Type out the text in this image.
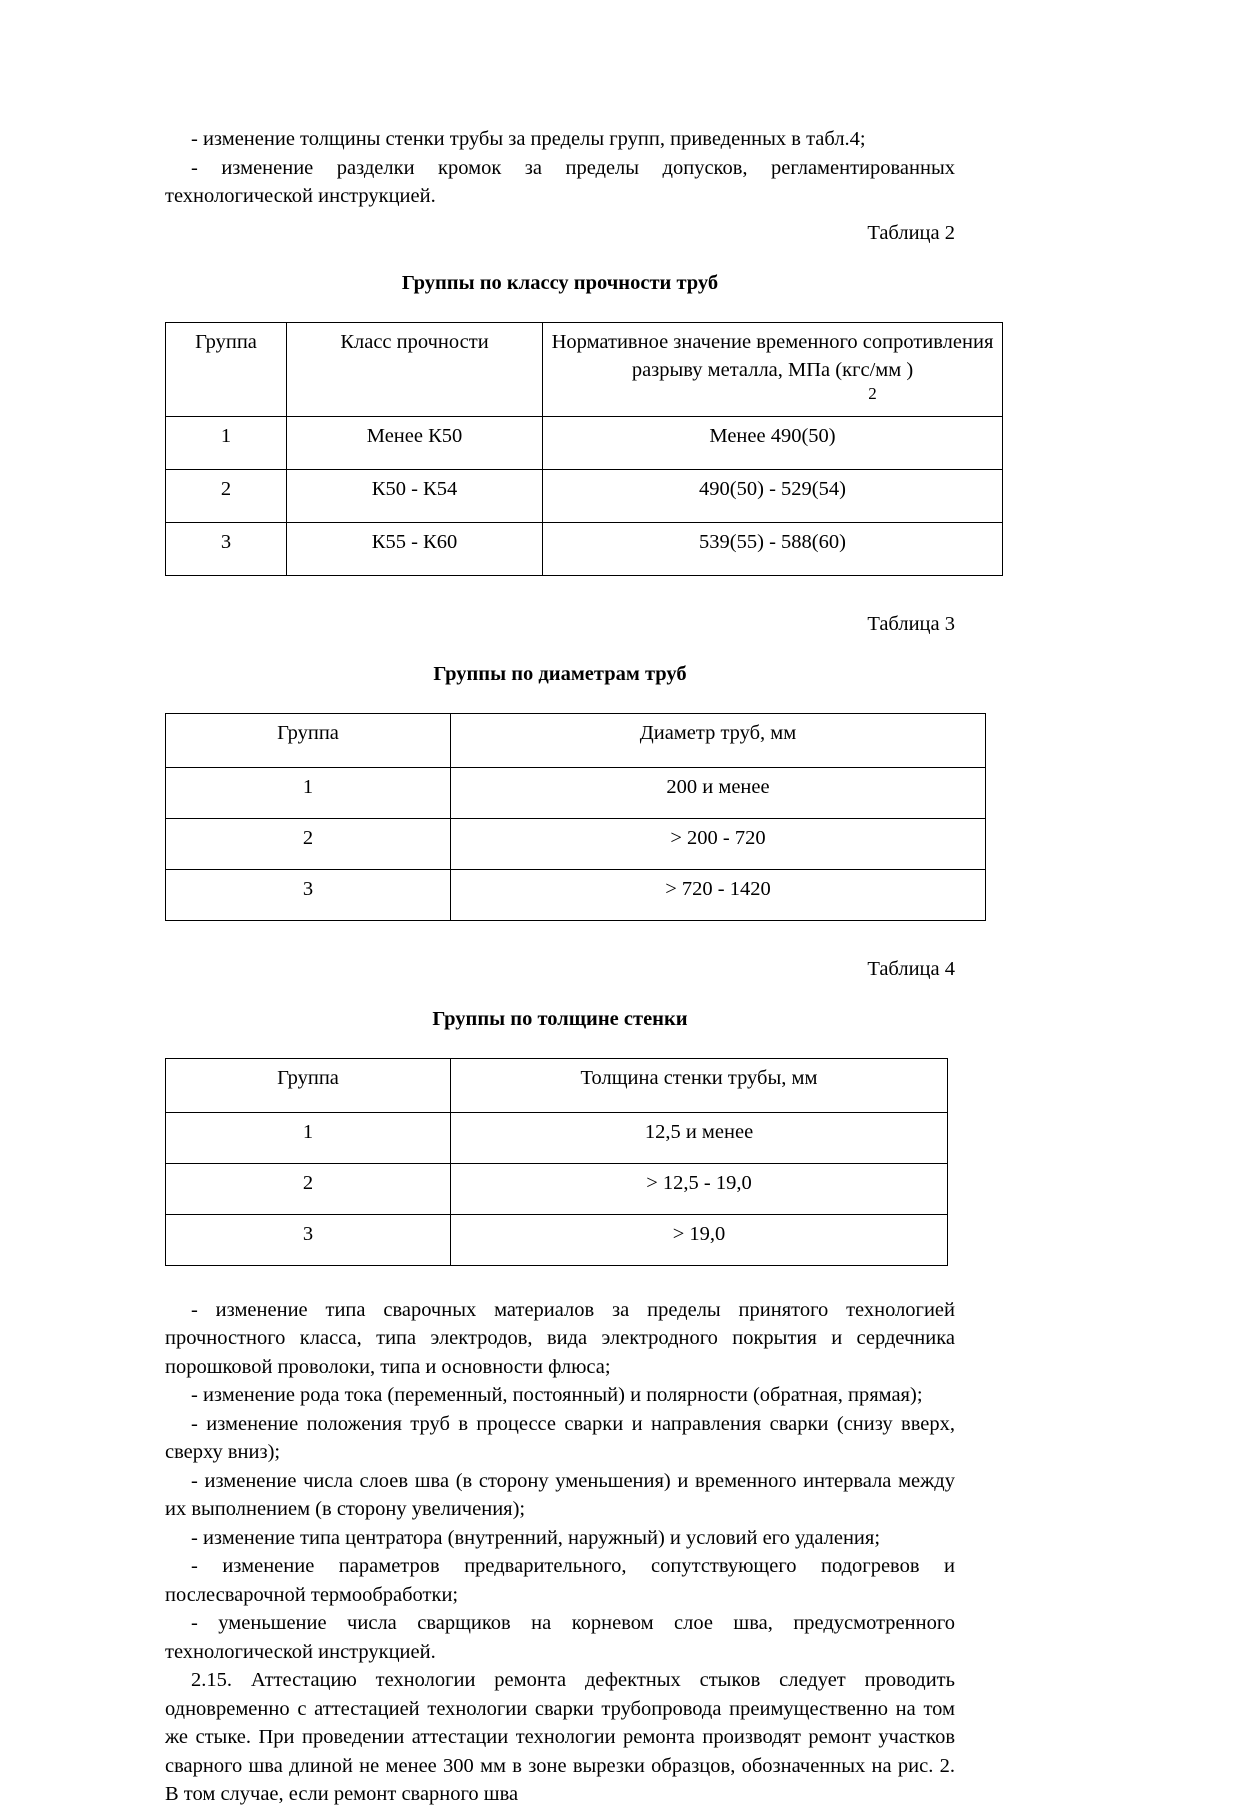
- изменение толщины стенки трубы за пределы групп, приведенных в табл.4;

- изменение разделки кромок за пределы допусков, регламентированных технологической инструкцией.

Таблица 2

Группы по классу прочности труб
Группа	Класс прочности	Нормативное значение временного сопротивления разрыву металла, МПа (кгс/мм )
2

1	Менее К50	Менее 490(50)
2	К50 - К54	490(50) - 529(54)
3	К55 - К60	539(55) - 588(60)

Таблица 3

Группы по диаметрам труб
Группа	Диаметр труб, мм
1	200 и менее
2	> 200 - 720
3	> 720 - 1420

Таблица 4

Группы по толщине стенки
Группа	Толщина стенки трубы, мм
1	12,5 и менее
2	> 12,5 - 19,0
3	> 19,0

- изменение типа сварочных материалов за пределы принятого технологией прочностного класса, типа электродов, вида электродного покрытия и сердечника порошковой проволоки, типа и основности флюса;

- изменение рода тока (переменный, постоянный) и полярности (обратная, прямая);

- изменение положения труб в процессе сварки и направления сварки (снизу вверх, сверху вниз);

- изменение числа слоев шва (в сторону уменьшения) и временного интервала между их выполнением (в сторону увеличения);

- изменение типа центратора (внутренний, наружный) и условий его удаления;

- изменение параметров предварительного, сопутствующего подогревов и послесварочной термообработки;

- уменьшение числа сварщиков на корневом слое шва, предусмотренного технологической инструкцией.

2.15. Аттестацию технологии ремонта дефектных стыков следует проводить одновременно с аттестацией технологии сварки трубопровода преимущественно на том же стыке. При проведении аттестации технологии ремонта производят ремонт участков сварного шва длиной не менее 300 мм в зоне вырезки образцов, обозначенных на рис. 2. В том случае, если ремонт сварного шва
